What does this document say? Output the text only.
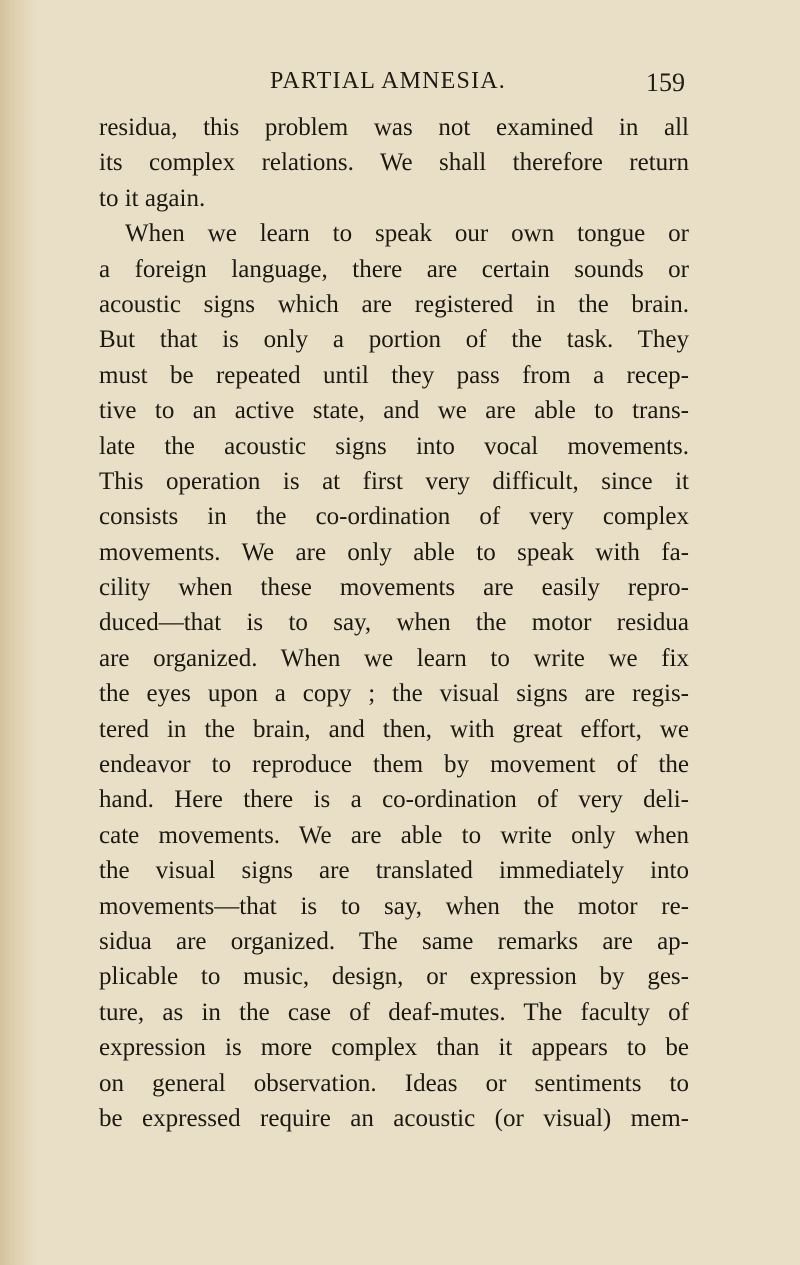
PARTIAL AMNESIA.	159
residua, this problem was not examined in all
its complex relations. We shall therefore return
to it again.
When we learn to speak our own tongue or
a foreign language, there are certain sounds or
acoustic signs which are registered in the brain.
But that is only a portion of the task. They
must be repeated until they pass from a recep-
tive to an active state, and we are able to trans-
late the acoustic signs into vocal movements.
This operation is at first very difficult, since it
consists in the co-ordination of very complex
movements. We are only able to speak with fa-
cility when these movements are easily repro-
duced—that is to say, when the motor residua
are organized. When we learn to write we fix
the eyes upon a copy ; the visual signs are regis-
tered in the brain, and then, with great effort, we
endeavor to reproduce them by movement of the
hand. Here there is a co-ordination of very deli-
cate movements. We are able to write only when
the visual signs are translated immediately into
movements—that is to say, when the motor re-
sidua are organized. The same remarks are ap-
plicable to music, design, or expression by ges-
ture, as in the case of deaf-mutes. The faculty of
expression is more complex than it appears to be
on general observation. Ideas or sentiments to
be expressed require an acoustic (or visual) mem-
